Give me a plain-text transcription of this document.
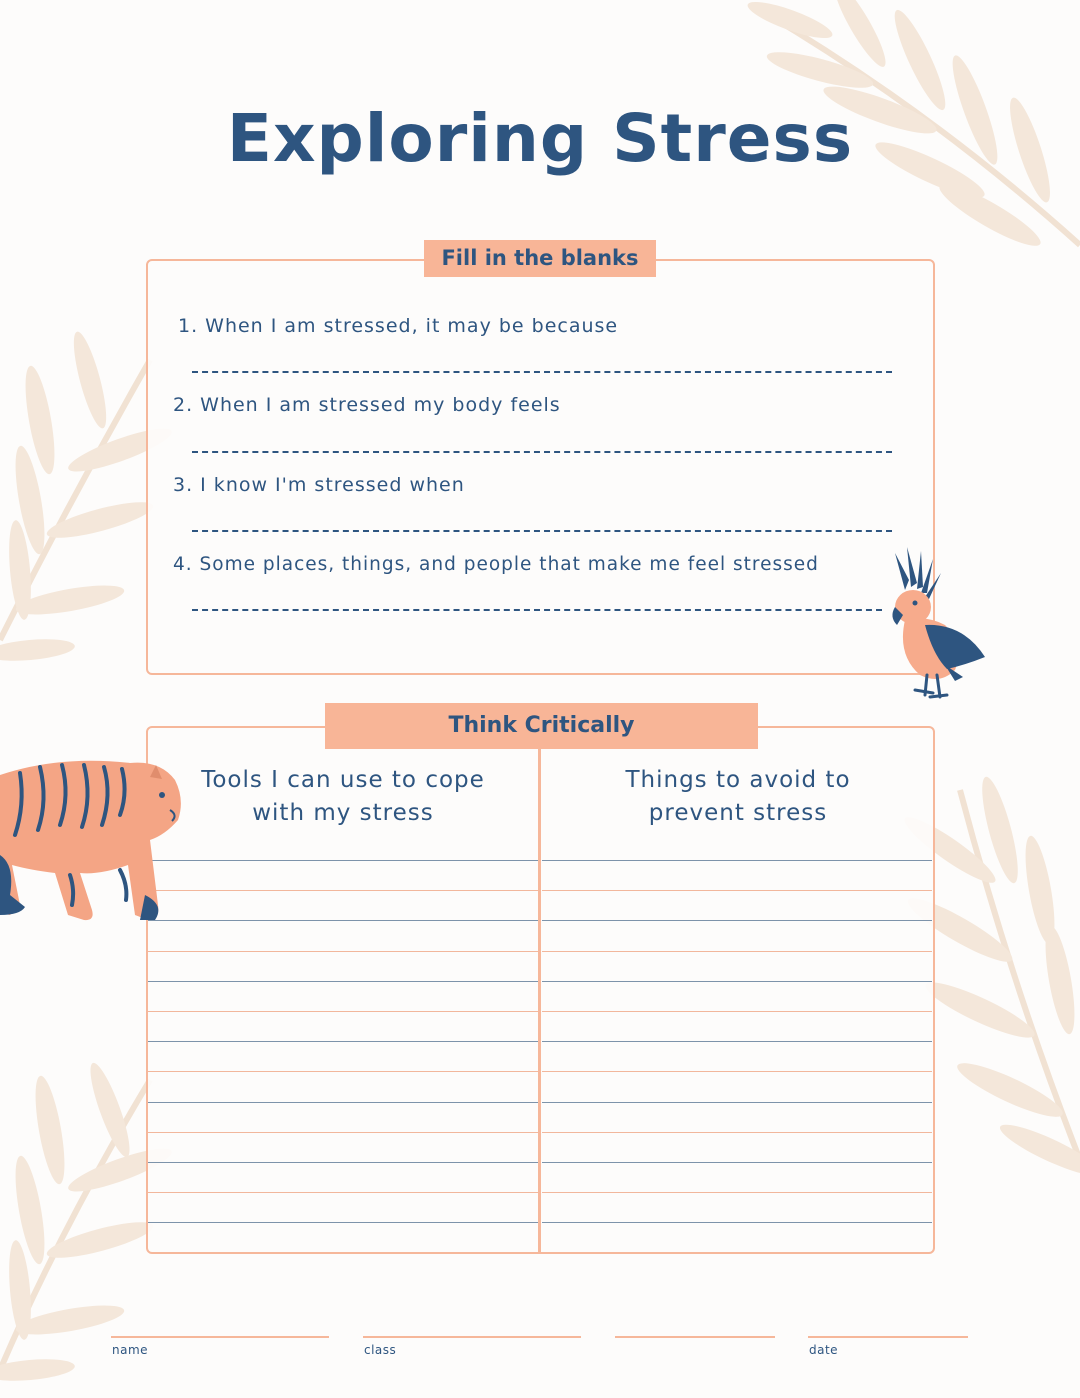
Exploring Stress
Fill in the blanks
1. When I am stressed, it may be because
2. When I am stressed my body feels
3. I know I'm stressed when
4. Some places, things, and people that make me feel stressed
Think Critically
Tools I can use to cope
with my stress
Things to avoid to
prevent stress
name	class	date
